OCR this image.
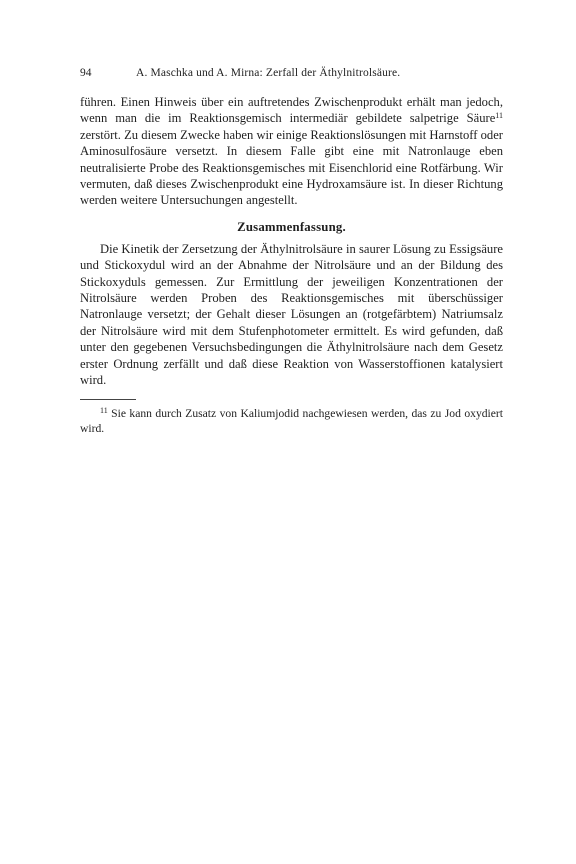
94	A. Maschka und A. Mirna: Zerfall der Äthylnitrolsäure.

führen. Einen Hinweis über ein auftretendes Zwischenprodukt erhält man jedoch, wenn man die im Reaktionsgemisch intermediär gebildete salpetrige Säure$^{11}$ zerstört. Zu diesem Zwecke haben wir einige Reaktionslösungen mit Harnstoff oder Aminosulfosäure versetzt. In diesem Falle gibt eine mit Natronlauge eben neutralisierte Probe des Reaktionsgemisches mit Eisenchlorid eine Rotfärbung. Wir vermuten, daß dieses Zwischenprodukt eine Hydroxamsäure ist. In dieser Richtung werden weitere Untersuchungen angestellt.

Zusammenfassung.

Die Kinetik der Zersetzung der Äthylnitrolsäure in saurer Lösung zu Essigsäure und Stickoxydul wird an der Abnahme der Nitrolsäure und an der Bildung des Stickoxyduls gemessen. Zur Ermittlung der jeweiligen Konzentrationen der Nitrolsäure werden Proben des Reaktionsgemisches mit überschüssiger Natronlauge versetzt; der Gehalt dieser Lösungen an (rotgefärbtem) Natriumsalz der Nitrolsäure wird mit dem Stufenphotometer ermittelt. Es wird gefunden, daß unter den gegebenen Versuchsbedingungen die Äthylnitrolsäure nach dem Gesetz erster Ordnung zerfällt und daß diese Reaktion von Wasserstoffionen katalysiert wird.

$^{11}$ Sie kann durch Zusatz von Kaliumjodid nachgewiesen werden, das zu Jod oxydiert wird.
